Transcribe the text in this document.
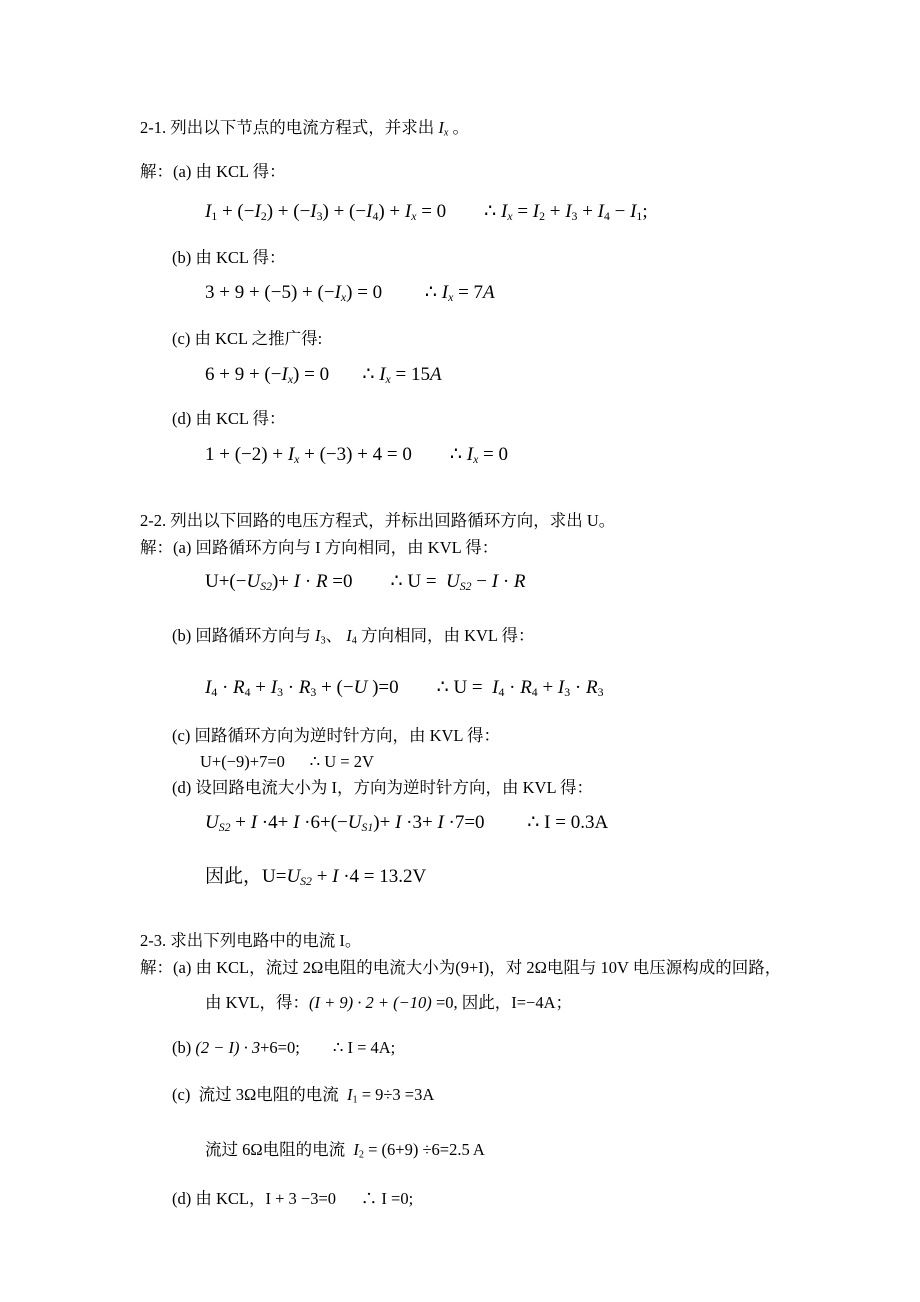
2-1. 列出以下节点的电流方程式，并求出 Ix 。
解：(a) 由 KCL 得：
I1 + (−I2) + (−I3) + (−I4) + Ix = 0        ∴ Ix = I2 + I3 + I4 − I1;
(b) 由 KCL 得：
3 + 9 + (−5) + (−Ix) = 0         ∴ Ix = 7A
(c) 由 KCL 之推广得:
6 + 9 + (−Ix) = 0       ∴ Ix = 15A
(d) 由 KCL 得：
1 + (−2) + Ix + (−3) + 4 = 0        ∴ Ix = 0
2-2. 列出以下回路的电压方程式，并标出回路循环方向，求出 U。
解：(a) 回路循环方向与 I 方向相同，由 KVL 得：
U+(−US2)+ I · R =0        ∴ U =  US2 − I · R
(b) 回路循环方向与 I3、 I4 方向相同，由 KVL 得：
I4 · R4 + I3 · R3 + (−U )=0        ∴ U =  I4 · R4 + I3 · R3
(c) 回路循环方向为逆时针方向，由 KVL 得：
U+(−9)+7=0      ∴ U = 2V
(d) 设回路电流大小为 I，方向为逆时针方向，由 KVL 得：
US2 + I ·4+ I ·6+(−US1)+ I ·3+ I ·7=0         ∴ I = 0.3A
因此，U=US2 + I ·4 = 13.2V
2-3. 求出下列电路中的电流 I。
解：(a) 由 KCL，流过 2Ω电阻的电流大小为(9+I)，对 2Ω电阻与 10V 电压源构成的回路，
由 KVL，得：(I + 9) · 2 + (−10) =0, 因此，I=−4A；
(b) (2 − I) · 3+6=0;        ∴ I = 4A;
(c)  流过 3Ω电阻的电流  I1 = 9÷3 =3A
流过 6Ω电阻的电流  I2 = (6+9) ÷6=2.5 A
(d) 由 KCL，I + 3 −3=0      ∴ I =0;
